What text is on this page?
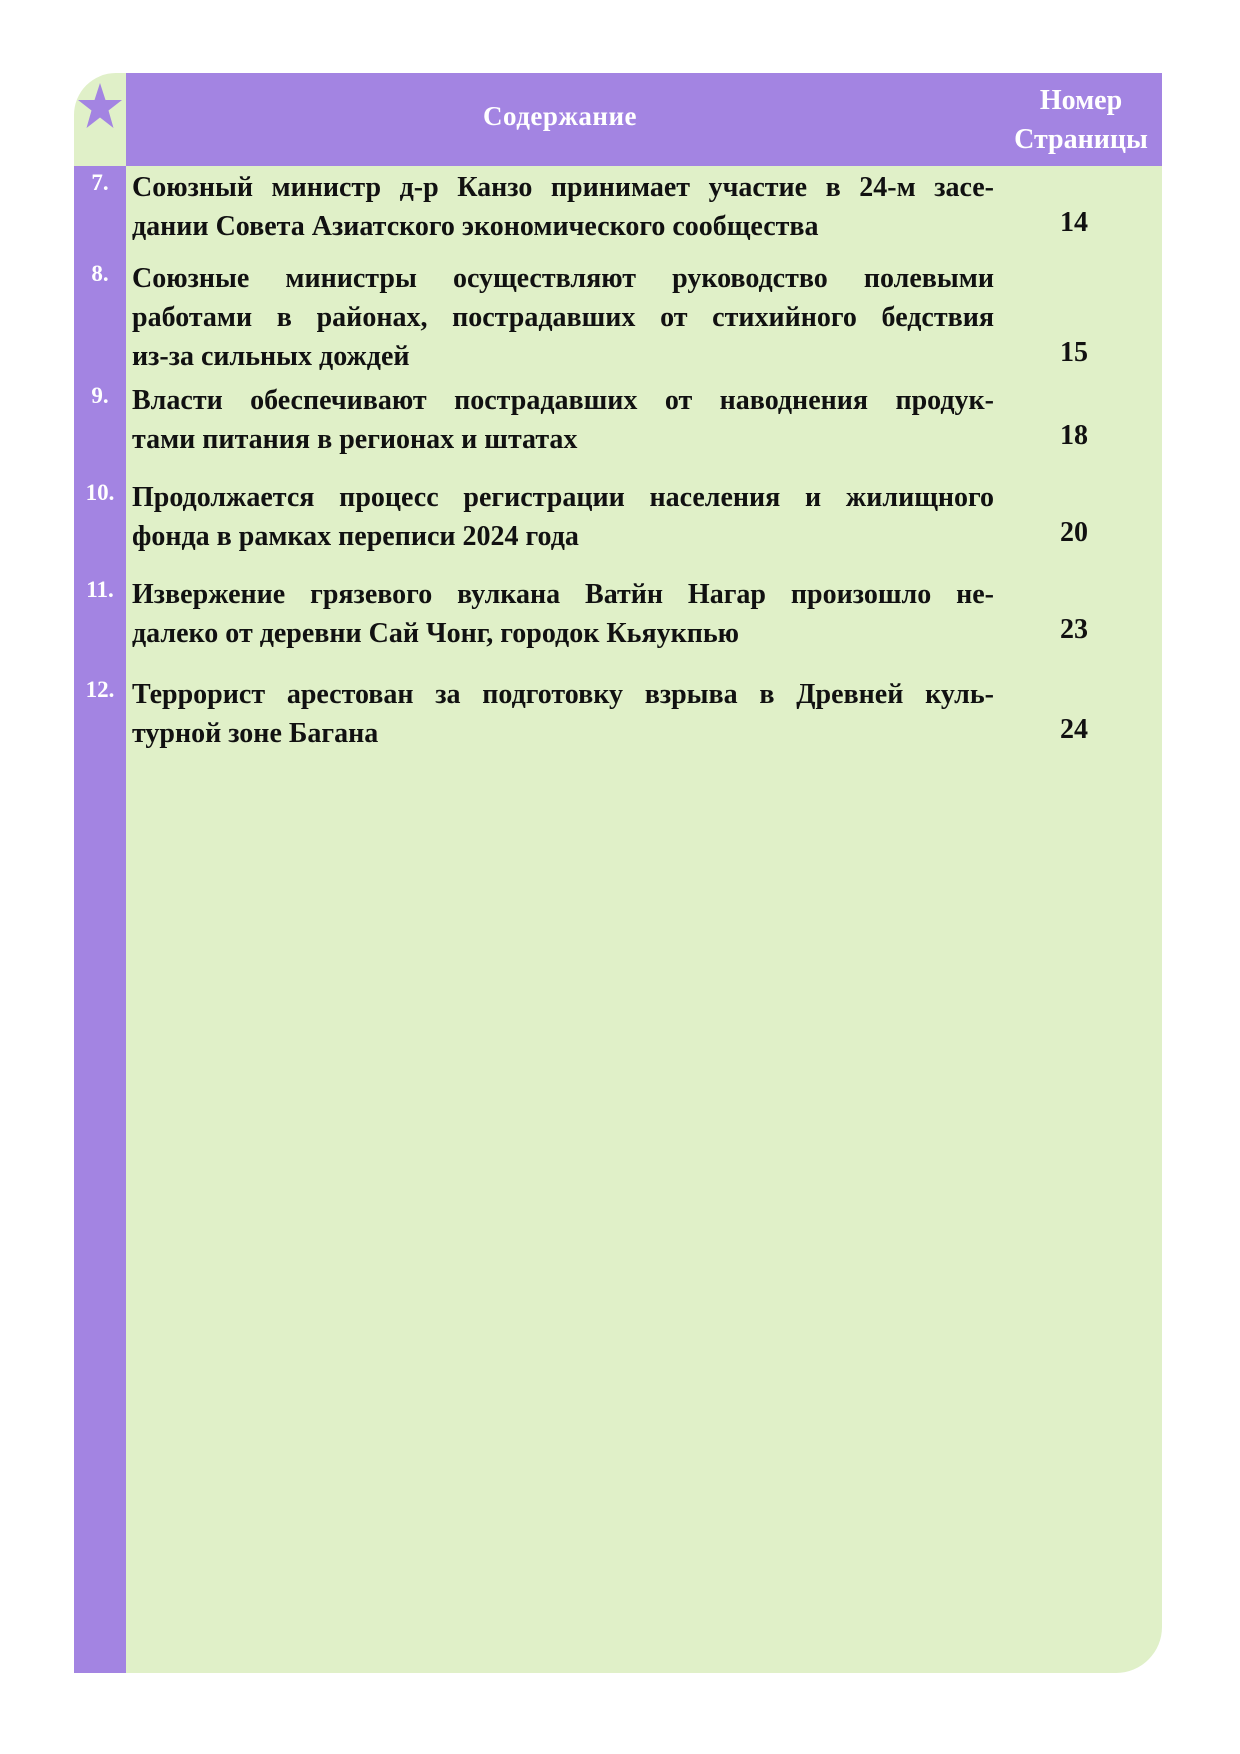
Содержание	Номер
Страницы
7. Союзный министр д-р Канзо принимает участие в 24-м засе-
дании Совета Азиатского экономического сообщества	14
8. Союзные министры осуществляют руководство полевыми
работами в районах, пострадавших от стихийного бедствия
из-за сильных дождей	15
9. Власти обеспечивают пострадавших от наводнения продук-
тами питания в регионах и штатах	18
10. Продолжается процесс регистрации населения и жилищного
фонда в рамках переписи 2024 года	20
11. Извержение грязевого вулкана Ватйн Нагар произошло не-
далеко от деревни Сай Чонг, городок Кьяукпью	23
12. Террорист арестован за подготовку взрыва в Древней куль-
турной зоне Багана	24
